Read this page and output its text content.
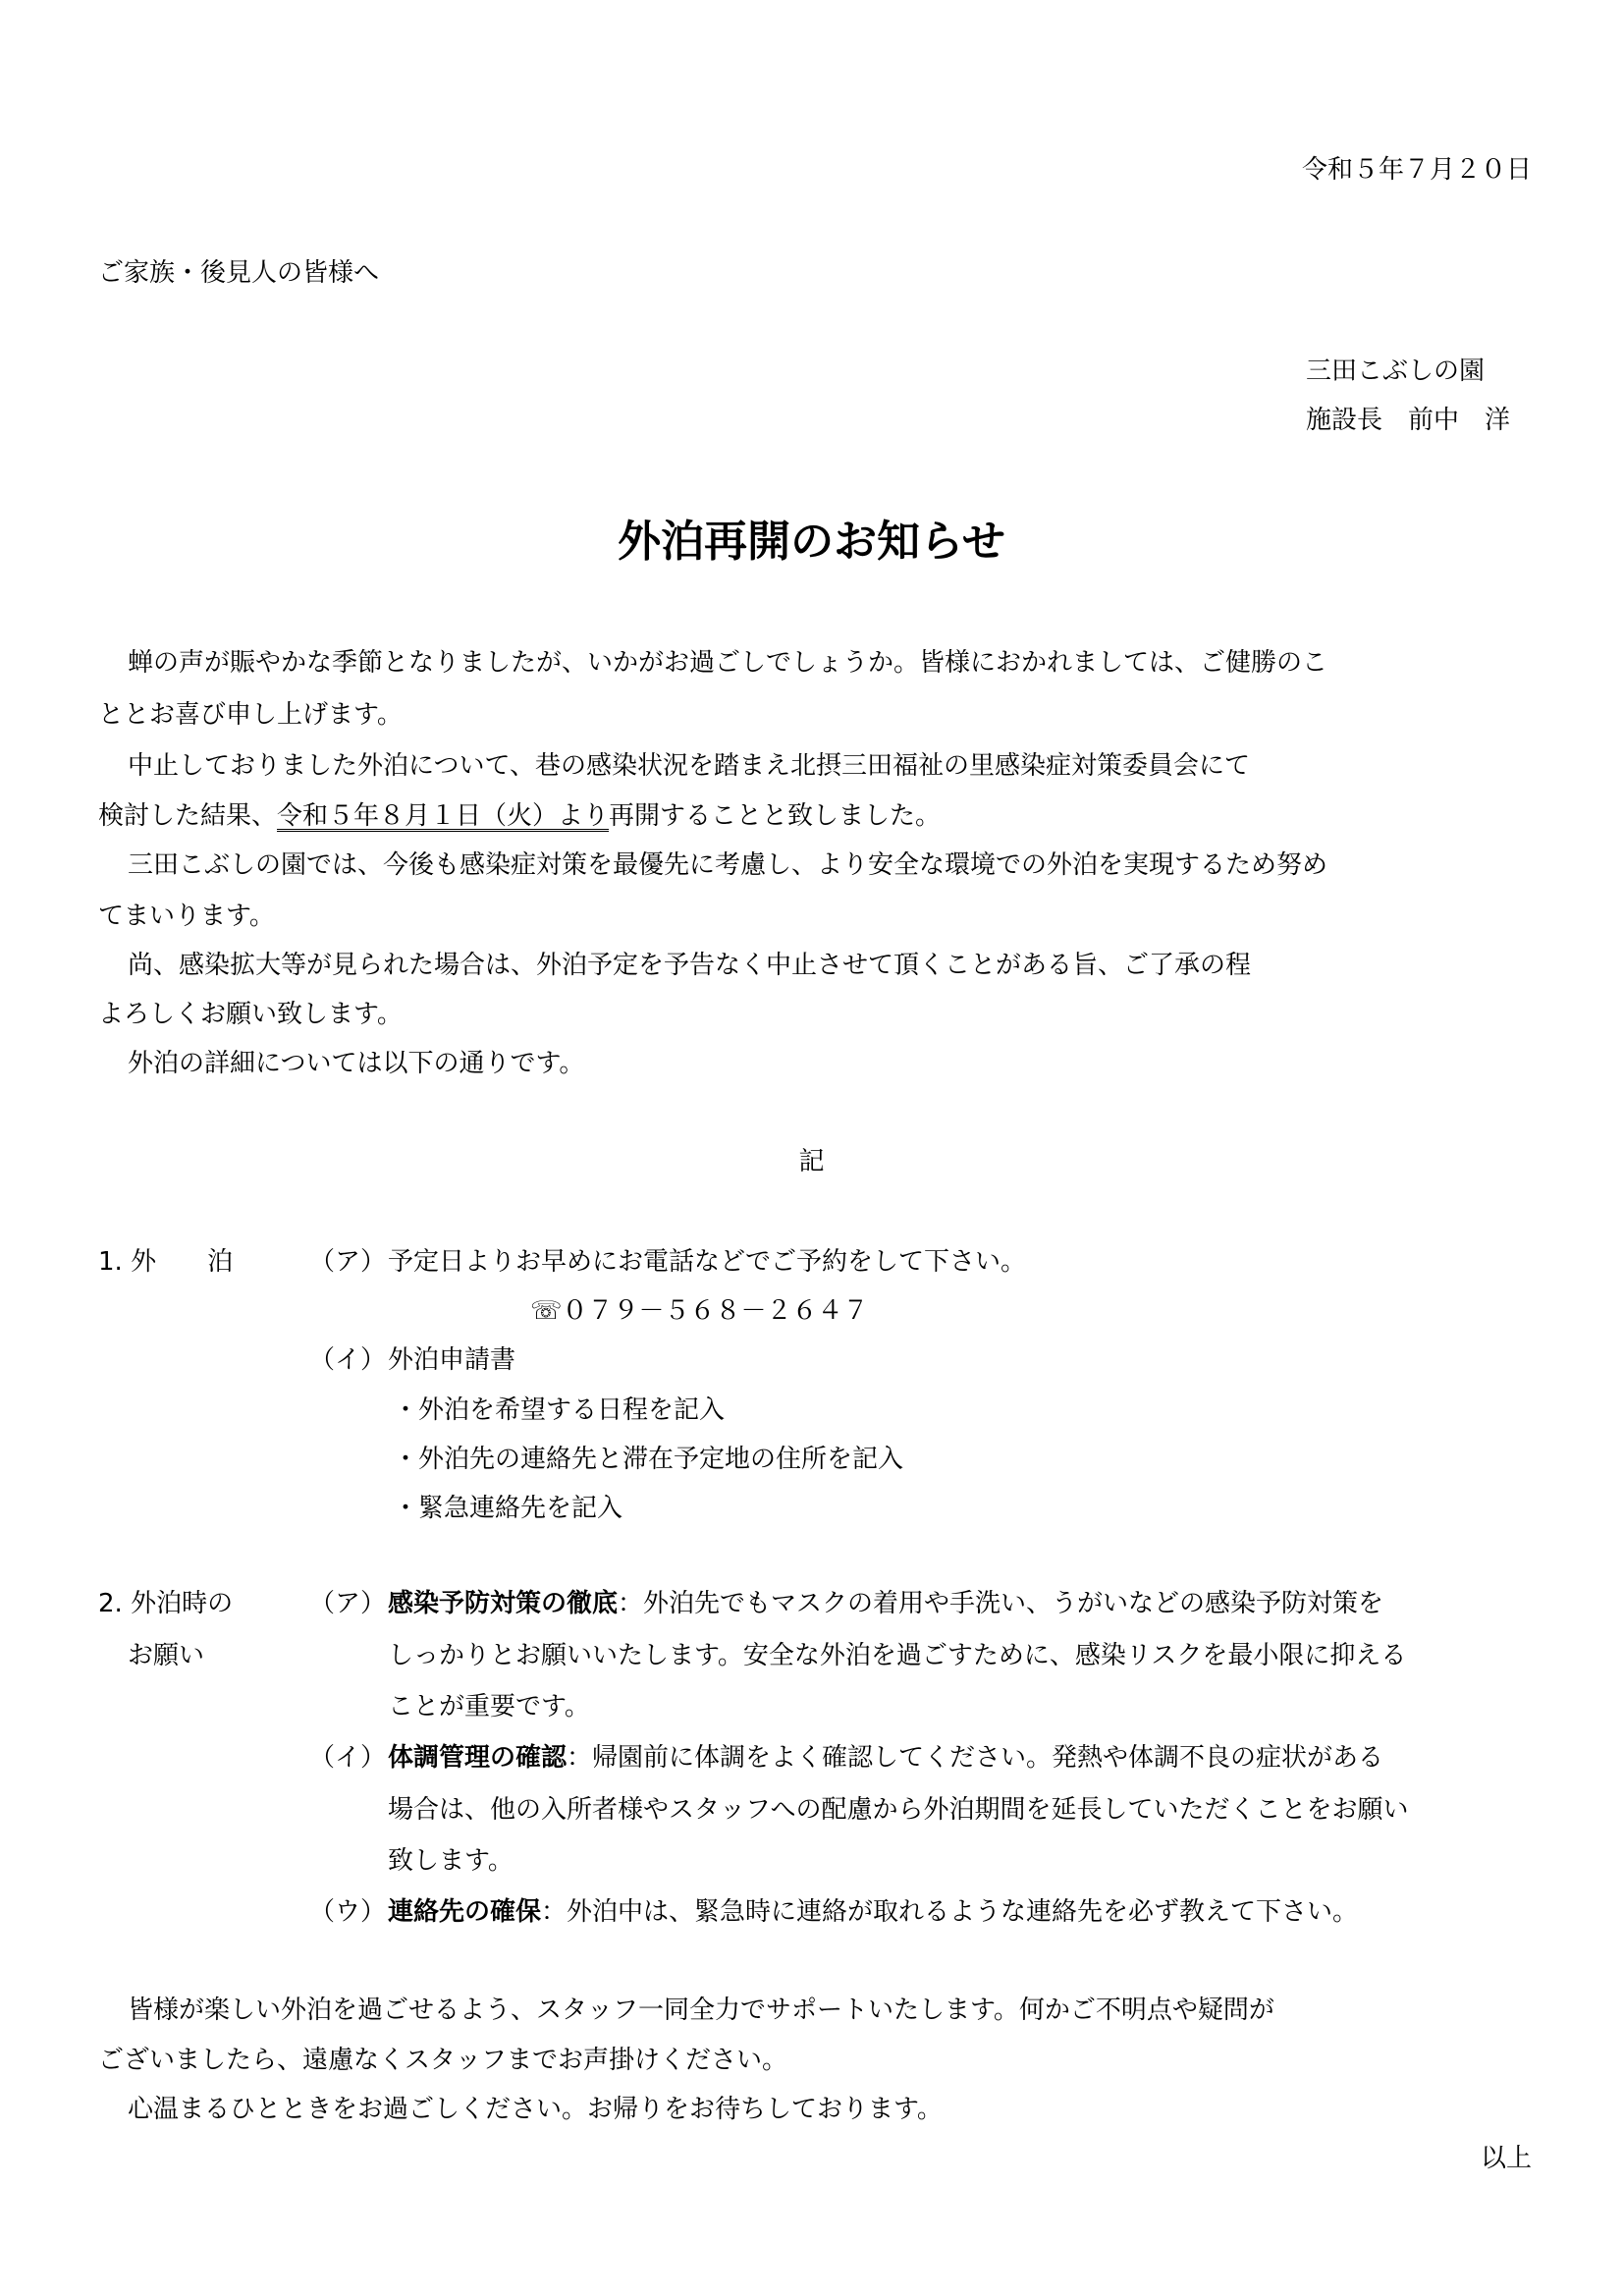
令和５年７月２０日
ご家族・後見人の皆様へ
三田こぶしの園
施設長　前中　洋
外泊再開のお知らせ
蝉の声が賑やかな季節となりましたが、いかがお過ごしでしょうか。皆様におかれましては、ご健勝のこ
ととお喜び申し上げます。
中止しておりました外泊について、巷の感染状況を踏まえ北摂三田福祉の里感染症対策委員会にて
検討した結果、令和５年８月１日（火）より再開することと致しました。
三田こぶしの園では、今後も感染症対策を最優先に考慮し、より安全な環境での外泊を実現するため努め
てまいります。
尚、感染拡大等が見られた場合は、外泊予定を予告なく中止させて頂くことがある旨、ご了承の程
よろしくお願い致します。
外泊の詳細については以下の通りです。
記
1. 外　　泊	（ア） 予定日よりお早めにお電話などでご予約をして下さい。
☏０７９－５６８－２６４７
（イ） 外泊申請書
・外泊を希望する日程を記入
・外泊先の連絡先と滞在予定地の住所を記入
・緊急連絡先を記入
2. 外泊時の
お願い
（ア） 感染予防対策の徹底：外泊先でもマスクの着用や手洗い、うがいなどの感染予防対策を
しっかりとお願いいたします。安全な外泊を過ごすために、感染リスクを最小限に抑える
ことが重要です。
（イ） 体調管理の確認：帰園前に体調をよく確認してください。発熱や体調不良の症状がある
場合は、他の入所者様やスタッフへの配慮から外泊期間を延長していただくことをお願い
致します。
（ウ） 連絡先の確保：外泊中は、緊急時に連絡が取れるような連絡先を必ず教えて下さい。
皆様が楽しい外泊を過ごせるよう、スタッフ一同全力でサポートいたします。何かご不明点や疑問が
ございましたら、遠慮なくスタッフまでお声掛けください。
心温まるひとときをお過ごしください。お帰りをお待ちしております。
以上
